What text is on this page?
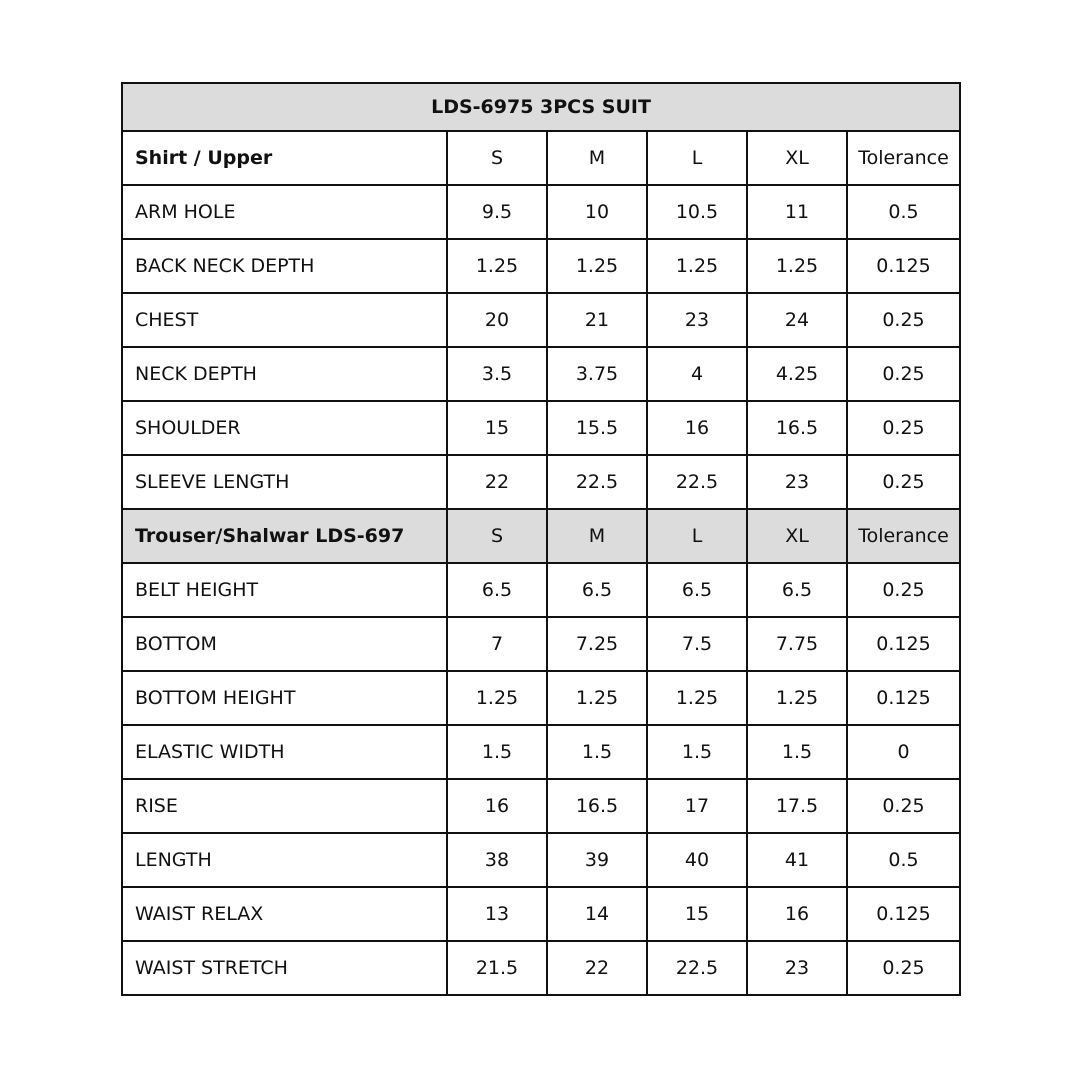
LDS-6975 3PCS SUIT					
Shirt / Upper	S	M	L	XL	Tolerance
ARM HOLE	9.5	10	10.5	11	0.5
BACK NECK DEPTH	1.25	1.25	1.25	1.25	0.125
CHEST	20	21	23	24	0.25
NECK DEPTH	3.5	3.75	4	4.25	0.25
SHOULDER	15	15.5	16	16.5	0.25
SLEEVE LENGTH	22	22.5	22.5	23	0.25
Trouser/Shalwar LDS-697	S	M	L	XL	Tolerance
BELT HEIGHT	6.5	6.5	6.5	6.5	0.25
BOTTOM	7	7.25	7.5	7.75	0.125
BOTTOM HEIGHT	1.25	1.25	1.25	1.25	0.125
ELASTIC WIDTH	1.5	1.5	1.5	1.5	0
RISE	16	16.5	17	17.5	0.25
LENGTH	38	39	40	41	0.5
WAIST RELAX	13	14	15	16	0.125
WAIST STRETCH	21.5	22	22.5	23	0.25
